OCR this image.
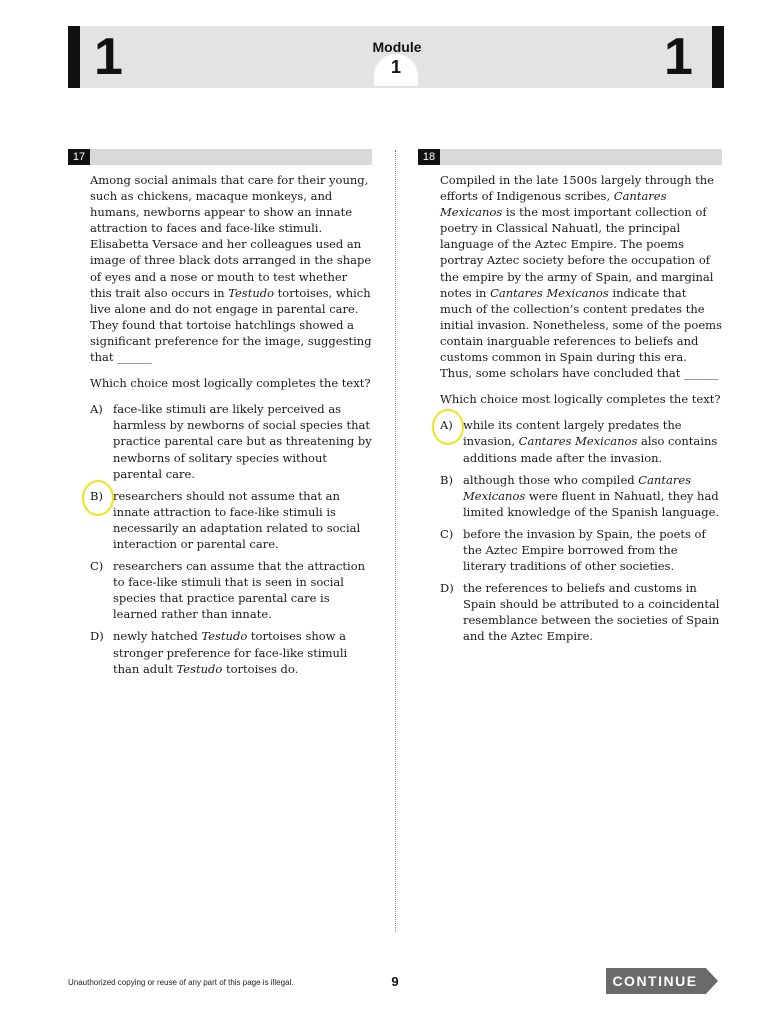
1	1
Module
1
17	18

Among social animals that care for their young, such as chickens, macaque monkeys, and humans, newborns appear to show an innate attraction to faces and face-like stimuli. Elisabetta Versace and her colleagues used an image of three black dots arranged in the shape of eyes and a nose or mouth to test whether this trait also occurs in Testudo tortoises, which live alone and do not engage in parental care. They found that tortoise hatchlings showed a significant preference for the image, suggesting that ______

Which choice most logically completes the text?

A) face-like stimuli are likely perceived as harmless by newborns of social species that practice parental care but as threatening by newborns of solitary species without parental care.
B) researchers should not assume that an innate attraction to face-like stimuli is necessarily an adaptation related to social interaction or parental care.
C) researchers can assume that the attraction to face-like stimuli that is seen in social species that practice parental care is learned rather than innate.
D) newly hatched Testudo tortoises show a stronger preference for face-like stimuli than adult Testudo tortoises do.

Compiled in the late 1500s largely through the efforts of Indigenous scribes, Cantares Mexicanos is the most important collection of poetry in Classical Nahuatl, the principal language of the Aztec Empire. The poems portray Aztec society before the occupation of the empire by the army of Spain, and marginal notes in Cantares Mexicanos indicate that much of the collection’s content predates the initial invasion. Nonetheless, some of the poems contain inarguable references to beliefs and customs common in Spain during this era. Thus, some scholars have concluded that ______

Which choice most logically completes the text?

A) while its content largely predates the invasion, Cantares Mexicanos also contains additions made after the invasion.
B) although those who compiled Cantares Mexicanos were fluent in Nahuatl, they had limited knowledge of the Spanish language.
C) before the invasion by Spain, the poets of the Aztec Empire borrowed from the literary traditions of other societies.
D) the references to beliefs and customs in Spain should be attributed to a coincidental resemblance between the societies of Spain and the Aztec Empire.
Unauthorized copying or reuse of any part of this page is illegal.	9	CONTINUE
